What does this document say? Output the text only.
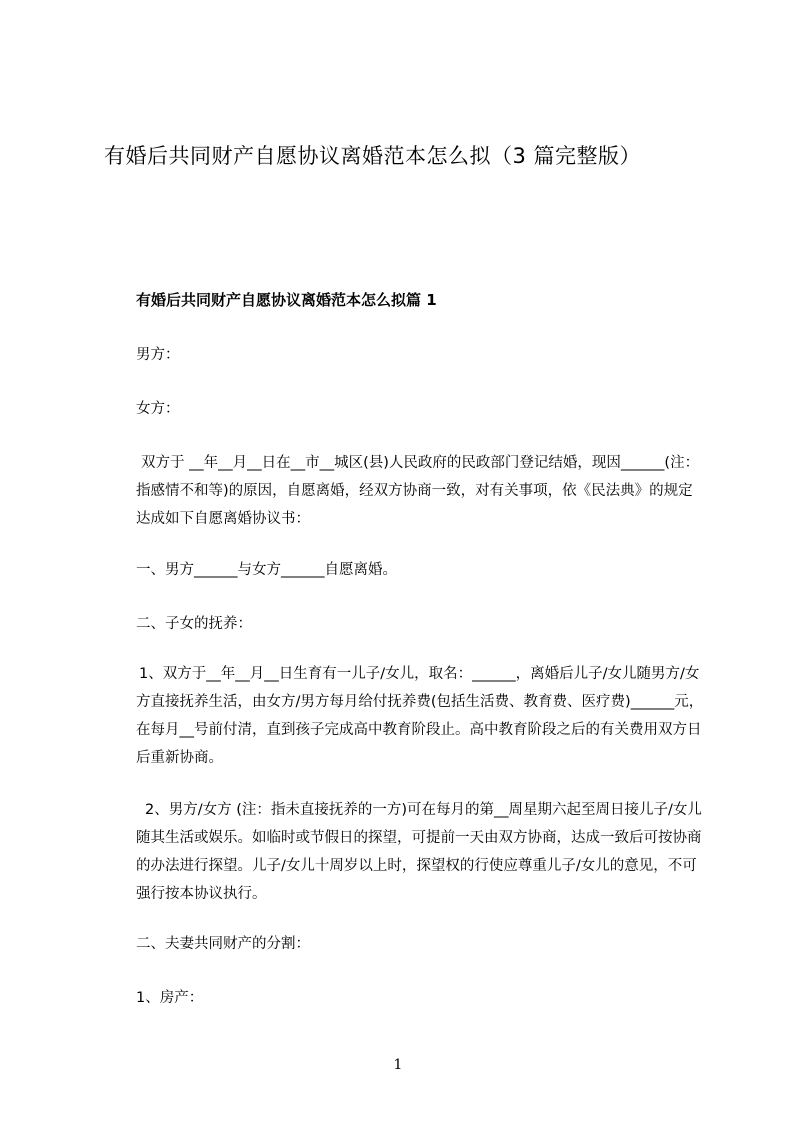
有婚后共同财产自愿协议离婚范本怎么拟（3 篇完整版）
有婚后共同财产自愿协议离婚范本怎么拟篇 1

男方：

女方：

双方于 __年__月__日在__市__城区(县)人民政府的民政部门登记结婚，现因______(注：指感情不和等)的原因，自愿离婚，经双方协商一致，对有关事项，依《民法典》的规定达成如下自愿离婚协议书：

一、男方______与女方______自愿离婚。

二、子女的抚养：

1、双方于__年__月__日生育有一儿子/女儿，取名：______，离婚后儿子/女儿随男方/女方直接抚养生活，由女方/男方每月给付抚养费(包括生活费、教育费、医疗费)______元，在每月__号前付清，直到孩子完成高中教育阶段止。高中教育阶段之后的有关费用双方日后重新协商。

2、男方/女方 (注：指未直接抚养的一方)可在每月的第__周星期六起至周日接儿子/女儿随其生活或娱乐。如临时或节假日的探望，可提前一天由双方协商，达成一致后可按协商的办法进行探望。儿子/女儿十周岁以上时，探望权的行使应尊重儿子/女儿的意见，不可强行按本协议执行。

二、夫妻共同财产的分割：

1、房产：

1
